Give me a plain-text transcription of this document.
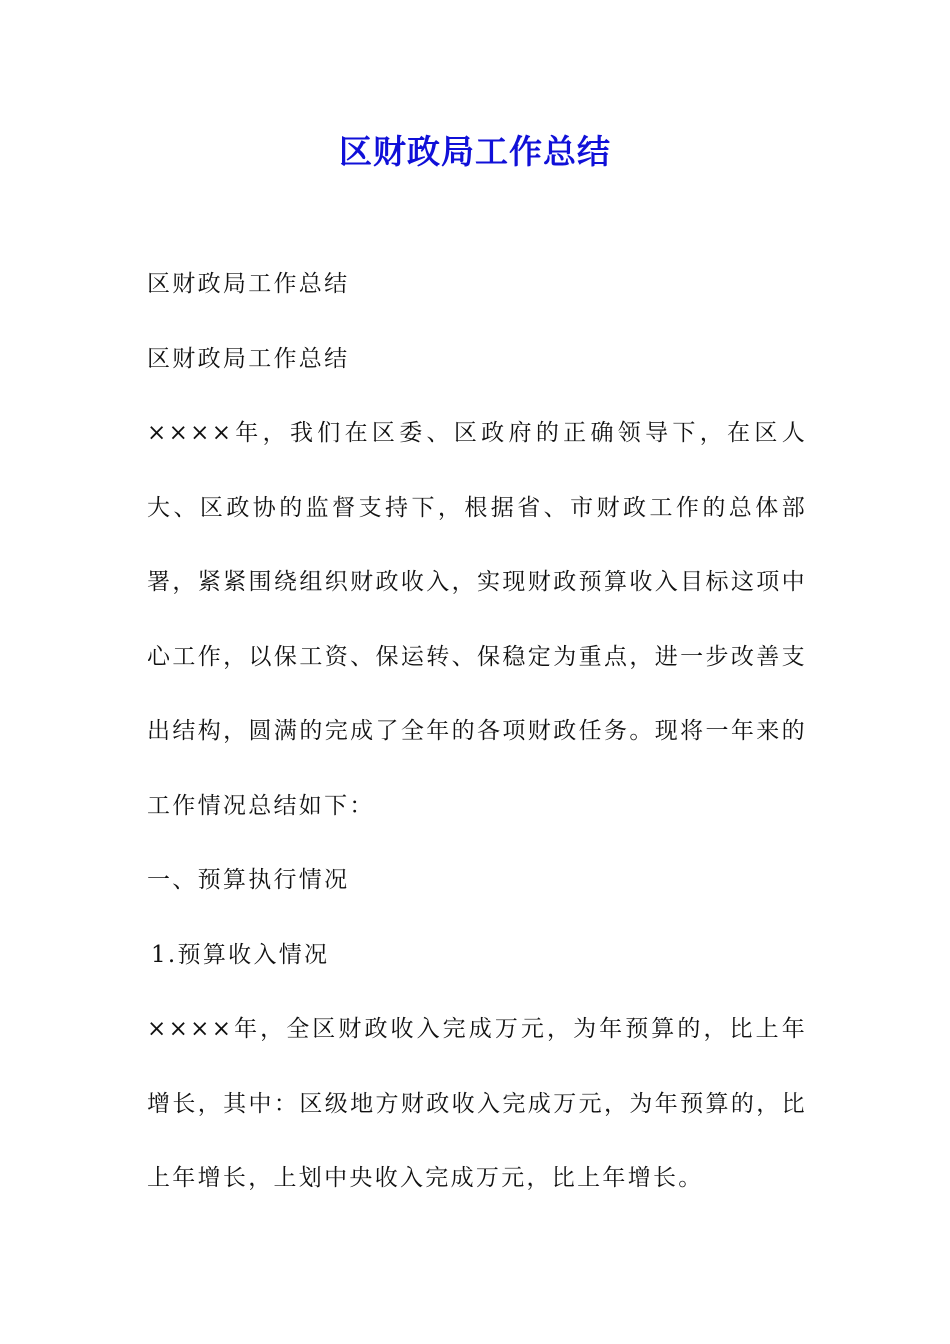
区财政局工作总结

区财政局工作总结

区财政局工作总结

××××年，我们在区委、区政府的正确领导下，在区人大、区政协的监督支持下，根据省、市财政工作的总体部署，紧紧围绕组织财政收入，实现财政预算收入目标这项中心工作，以保工资、保运转、保稳定为重点，进一步改善支出结构，圆满的完成了全年的各项财政任务。现将一年来的工作情况总结如下：

一、预算执行情况

1.预算收入情况

××××年，全区财政收入完成万元，为年预算的，比上年增长，其中：区级地方财政收入完成万元，为年预算的，比上年增长，上划中央收入完成万元，比上年增长。
